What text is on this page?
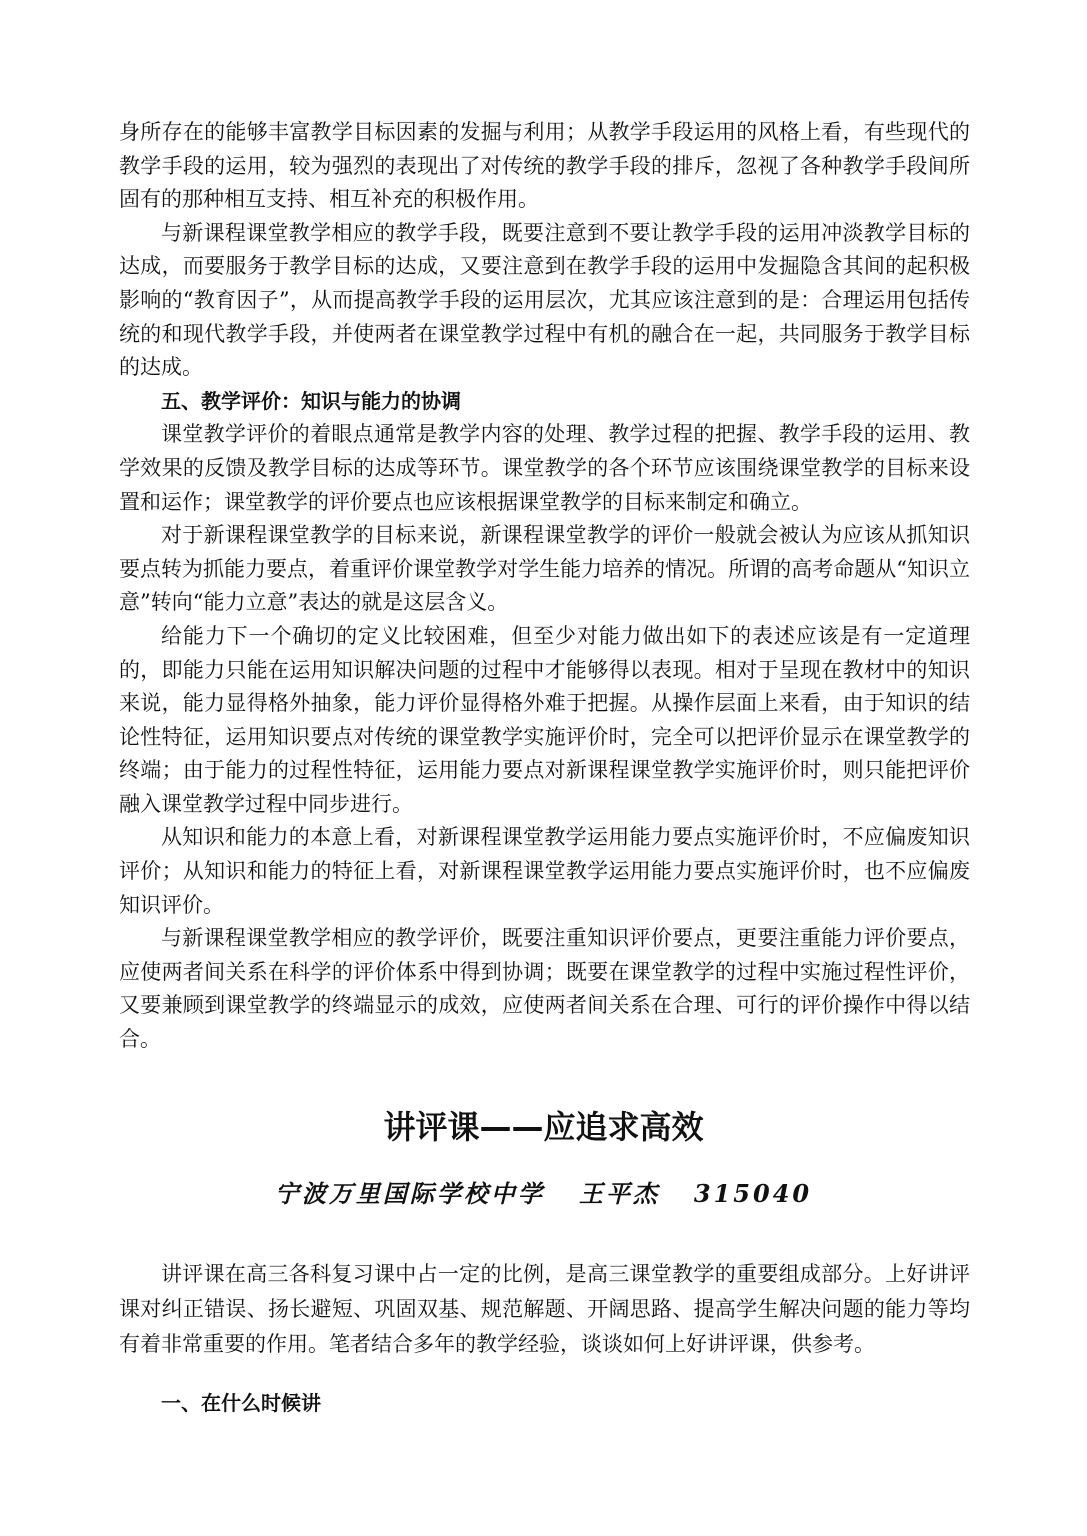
身所存在的能够丰富教学目标因素的发掘与利用；从教学手段运用的风格上看，有些现代的教学手段的运用，较为强烈的表现出了对传统的教学手段的排斥，忽视了各种教学手段间所固有的那种相互支持、相互补充的积极作用。

与新课程课堂教学相应的教学手段，既要注意到不要让教学手段的运用冲淡教学目标的达成，而要服务于教学目标的达成，又要注意到在教学手段的运用中发掘隐含其间的起积极影响的“教育因子”，从而提高教学手段的运用层次，尤其应该注意到的是：合理运用包括传统的和现代教学手段，并使两者在课堂教学过程中有机的融合在一起，共同服务于教学目标的达成。

五、教学评价：知识与能力的协调

课堂教学评价的着眼点通常是教学内容的处理、教学过程的把握、教学手段的运用、教学效果的反馈及教学目标的达成等环节。课堂教学的各个环节应该围绕课堂教学的目标来设置和运作；课堂教学的评价要点也应该根据课堂教学的目标来制定和确立。

对于新课程课堂教学的目标来说，新课程课堂教学的评价一般就会被认为应该从抓知识要点转为抓能力要点，着重评价课堂教学对学生能力培养的情况。所谓的高考命题从“知识立意”转向“能力立意”表达的就是这层含义。

给能力下一个确切的定义比较困难，但至少对能力做出如下的表述应该是有一定道理的，即能力只能在运用知识解决问题的过程中才能够得以表现。相对于呈现在教材中的知识来说，能力显得格外抽象，能力评价显得格外难于把握。从操作层面上来看，由于知识的结论性特征，运用知识要点对传统的课堂教学实施评价时，完全可以把评价显示在课堂教学的终端；由于能力的过程性特征，运用能力要点对新课程课堂教学实施评价时，则只能把评价融入课堂教学过程中同步进行。

从知识和能力的本意上看，对新课程课堂教学运用能力要点实施评价时，不应偏废知识评价；从知识和能力的特征上看，对新课程课堂教学运用能力要点实施评价时，也不应偏废知识评价。

与新课程课堂教学相应的教学评价，既要注重知识评价要点，更要注重能力评价要点，应使两者间关系在科学的评价体系中得到协调；既要在课堂教学的过程中实施过程性评价，又要兼顾到课堂教学的终端显示的成效，应使两者间关系在合理、可行的评价操作中得以结合。

讲评课——应追求高效
宁波万里国际学校中学 王平杰 315040

讲评课在高三各科复习课中占一定的比例，是高三课堂教学的重要组成部分。上好讲评课对纠正错误、扬长避短、巩固双基、规范解题、开阔思路、提高学生解决问题的能力等均有着非常重要的作用。笔者结合多年的教学经验，谈谈如何上好讲评课，供参考。

一、在什么时候讲
